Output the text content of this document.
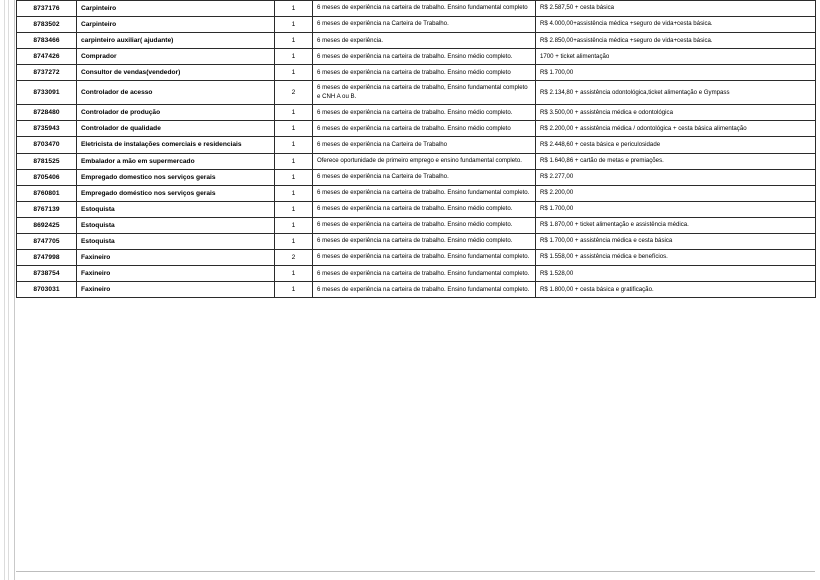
8737176	Carpinteiro	1	6 meses de experiência na carteira de trabalho. Ensino fundamental completo	R$ 2.587,50 + cesta básica
8783502	Carpinteiro	1	6 meses de experiência na Carteira de Trabalho.	R$ 4.000,00+assistência médica +seguro de vida+cesta básica.
8783466	carpinteiro auxiliar( ajudante)	1	6 meses de experiência.	R$ 2.850,00+assistência médica +seguro de vida+cesta básica.
8747426	Comprador	1	6 meses de experiência na carteira de trabalho. Ensino médio completo.	1700 + ticket alimentação
8737272	Consultor de vendas(vendedor)	1	6 meses de experiência na carteira de trabalho. Ensino médio completo	R$ 1.700,00
8733091	Controlador de acesso	2	6 meses de experiência na carteira de trabalho, Ensino fundamental completo e CNH A ou B.	R$ 2.134,80 + assistência odontológica,ticket alimentação e Gympass
8728480	Controlador de produção	1	6 meses de experiência na carteira de trabalho. Ensino médio completo.	R$ 3.500,00 + assistência médica e odontológica
8735943	Controlador de qualidade	1	6 meses de experiência na carteira de trabalho. Ensino médio completo	R$ 2.200,00 + assistência médica / odontológica + cesta básica alimentação
8703470	Eletricista de instalações comerciais e residenciais	1	6 meses de experiência na Carteira de Trabalho	R$ 2.448,60 + cesta básica e periculosidade
8781525	Embalador a mão em supermercado	1	Oferece oportunidade de primeiro emprego e ensino fundamental completo.	R$ 1.640,86 + cartão de metas e premiações.
8705406	Empregado domestico nos serviços gerais	1	6 meses de experiência na Carteira de Trabalho.	R$ 2.277,00
8760801	Empregado doméstico nos serviços gerais	1	6 meses de experiência na carteira de trabalho. Ensino fundamental completo.	R$ 2.200,00
8767139	Estoquista	1	6 meses de experiência na carteira de trabalho. Ensino médio completo.	R$ 1.700,00
8692425	Estoquista	1	6 meses de experiência na carteira de trabalho. Ensino médio completo.	R$ 1.870,00 + ticket alimentação e assistência médica.
8747705	Estoquista	1	6 meses de experiência na carteira de trabalho. Ensino médio completo.	R$ 1.700,00 + assistência médica e cesta básica
8747998	Faxineiro	2	6 meses de experiência na carteira de trabalho. Ensino fundamental completo.	R$ 1.558,00 + assistência médica e benefícios.
8738754	Faxineiro	1	6 meses de experiência na carteira de trabalho. Ensino fundamental completo.	R$ 1.528,00
8703031	Faxineiro	1	6 meses de experiência na carteira de trabalho. Ensino fundamental completo.	R$ 1.800,00 + cesta básica e gratificação.
